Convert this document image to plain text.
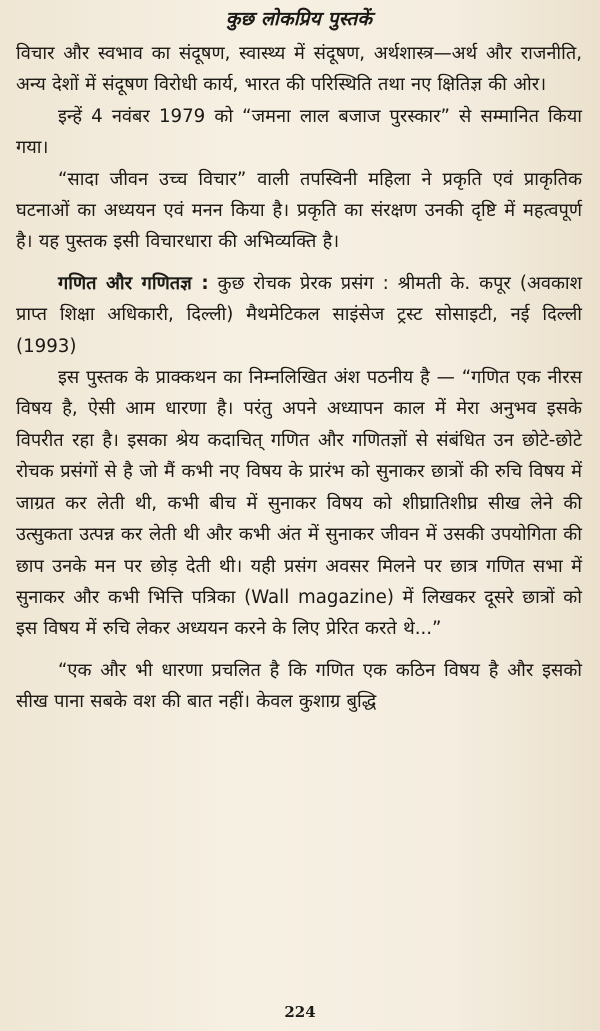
कुछ लोकप्रिय पुस्तकें

विचार और स्वभाव का संदूषण, स्वास्थ्य में संदूषण, अर्थशास्त्र—अर्थ और राजनीति, अन्य देशों में संदूषण विरोधी कार्य, भारत की परिस्थिति तथा नए क्षितिज्ञ की ओर।

इन्हें 4 नवंबर 1979 को “जमना लाल बजाज पुरस्कार” से सम्मानित किया गया।

“सादा जीवन उच्च विचार” वाली तपस्विनी महिला ने प्रकृति एवं प्राकृतिक घटनाओं का अध्ययन एवं मनन किया है। प्रकृति का संरक्षण उनकी दृष्टि में महत्वपूर्ण है। यह पुस्तक इसी विचारधारा की अभिव्यक्ति है।

गणित और गणितज्ञ : कुछ रोचक प्रेरक प्रसंग : श्रीमती के. कपूर (अवकाश प्राप्त शिक्षा अधिकारी, दिल्ली) मैथमेटिकल साइंसेज ट्रस्ट सोसाइटी, नई दिल्ली (1993)

इस पुस्तक के प्राक्कथन का निम्नलिखित अंश पठनीय है — “गणित एक नीरस विषय है, ऐसी आम धारणा है। परंतु अपने अध्यापन काल में मेरा अनुभव इसके विपरीत रहा है। इसका श्रेय कदाचित् गणित और गणितज्ञों से संबंधित उन छोटे-छोटे रोचक प्रसंगों से है जो मैं कभी नए विषय के प्रारंभ को सुनाकर छात्रों की रुचि विषय में जाग्रत कर लेती थी, कभी बीच में सुनाकर विषय को शीघ्रातिशीघ्र सीख लेने की उत्सुकता उत्पन्न कर लेती थी और कभी अंत में सुनाकर जीवन में उसकी उपयोगिता की छाप उनके मन पर छोड़ देती थी। यही प्रसंग अवसर मिलने पर छात्र गणित सभा में सुनाकर और कभी भित्ति पत्रिका (Wall magazine) में लिखकर दूसरे छात्रों को इस विषय में रुचि लेकर अध्ययन करने के लिए प्रेरित करते थे...”

“एक और भी धारणा प्रचलित है कि गणित एक कठिन विषय है और इसको सीख पाना सबके वश की बात नहीं। केवल कुशाग्र बुद्धि

224
